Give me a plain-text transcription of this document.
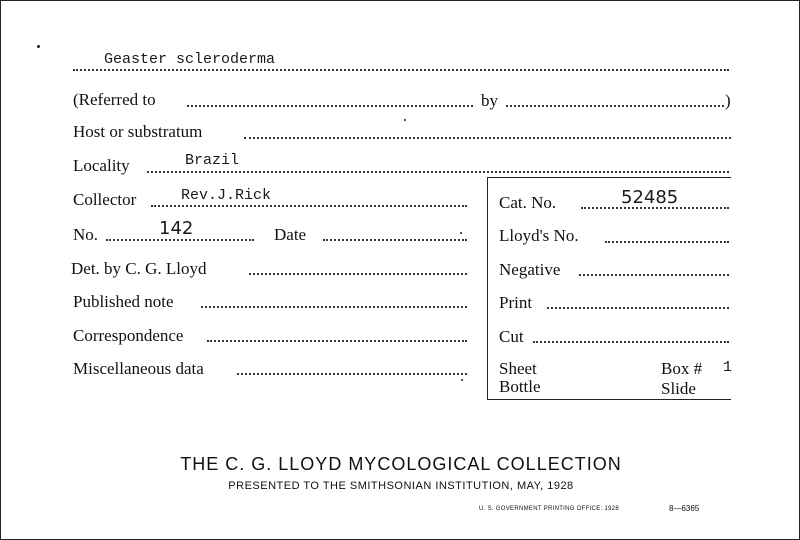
Geaster scleroderma
(Referred to	by	)
Host or substratum
Locality	Brazil
Collector	Rev.J.Rick
No.	142	Date
Det. by C. G. Lloyd
Published note
Correspondence
Miscellaneous data
Cat. No.	52485
Lloyd's No.
Negative
Print
Cut
Sheet
Bottle
Box # 1
Slide
THE C. G. LLOYD MYCOLOGICAL COLLECTION
PRESENTED TO THE SMITHSONIAN INSTITUTION, MAY, 1928
U. S. GOVERNMENT PRINTING OFFICE: 1928	8—6365
